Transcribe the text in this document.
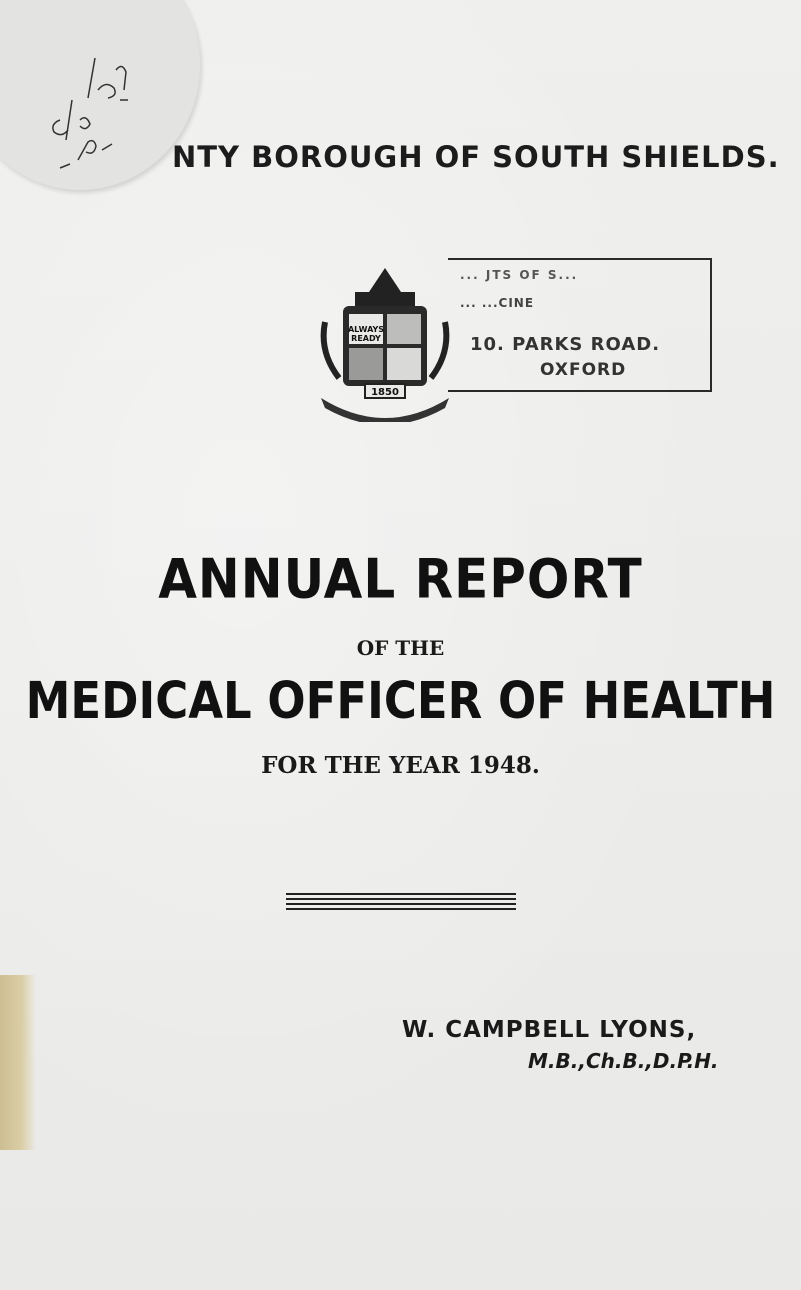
NTY BOROUGH OF SOUTH SHIELDS.
ALWAYS
READY
1850
... JTS OF S...
... ...CINE
10. PARKS ROAD.
OXFORD
ANNUAL REPORT
OF THE
MEDICAL OFFICER OF HEALTH
FOR THE YEAR 1948.
W. CAMPBELL LYONS,
M.B.,Ch.B.,D.P.H.
